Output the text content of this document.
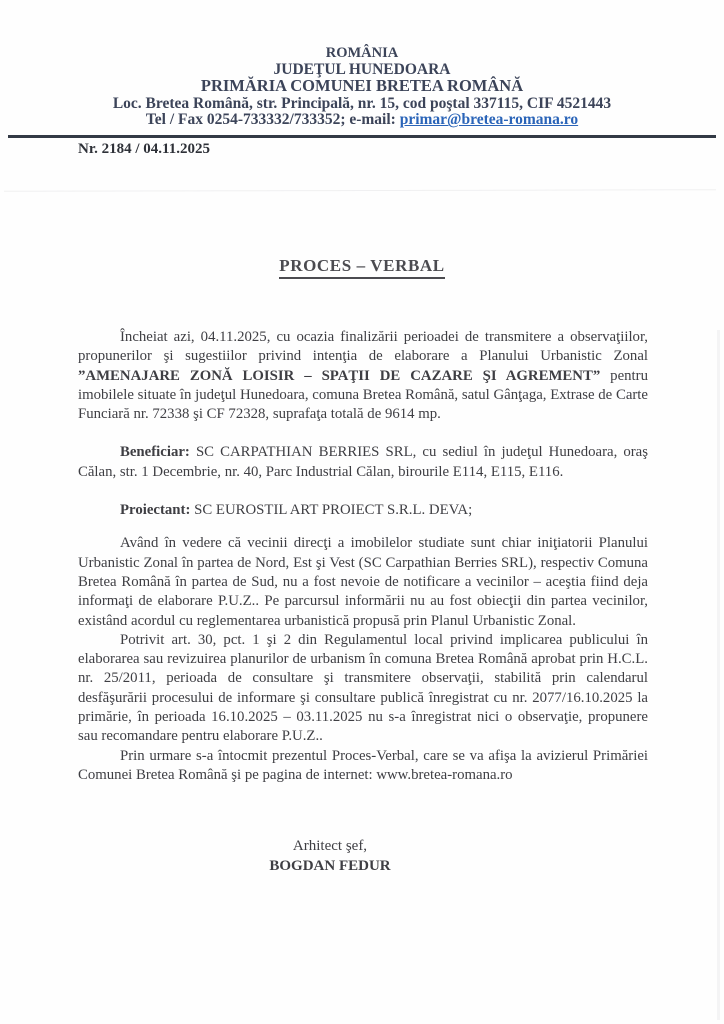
ROMÂNIA
JUDEŢUL HUNEDOARA
PRIMĂRIA COMUNEI BRETEA ROMÂNĂ
Loc. Bretea Română, str. Principală, nr. 15, cod poştal 337115, CIF 4521443
Tel / Fax 0254-733332/733352; e-mail: primar@bretea-romana.ro
Nr. 2184 / 04.11.2025
PROCES – VERBAL

Încheiat azi, 04.11.2025, cu ocazia finalizării perioadei de transmitere a observaţiilor, propunerilor şi sugestiilor privind intenţia de elaborare a Planului Urbanistic Zonal ”AMENAJARE ZONĂ LOISIR – SPAŢII DE CAZARE ŞI AGREMENT” pentru imobilele situate în judeţul Hunedoara, comuna Bretea Română, satul Gânţaga, Extrase de Carte Funciară nr. 72338 şi CF 72328, suprafaţa totală de 9614 mp.

Beneficiar: SC CARPATHIAN BERRIES SRL, cu sediul în judeţul Hunedoara, oraş Călan, str. 1 Decembrie, nr. 40, Parc Industrial Călan, birourile E114, E115, E116.

Proiectant: SC EUROSTIL ART PROIECT S.R.L. DEVA;

Având în vedere că vecinii direcţi a imobilelor studiate sunt chiar iniţiatorii Planului Urbanistic Zonal în partea de Nord, Est şi Vest (SC Carpathian Berries SRL), respectiv Comuna Bretea Română în partea de Sud, nu a fost nevoie de notificare a vecinilor – aceştia fiind deja informaţi de elaborare P.U.Z.. Pe parcursul informării nu au fost obiecţii din partea vecinilor, existând acordul cu reglementarea urbanistică propusă prin Planul Urbanistic Zonal.

Potrivit art. 30, pct. 1 şi 2 din Regulamentul local privind implicarea publicului în elaborarea sau revizuirea planurilor de urbanism în comuna Bretea Română aprobat prin H.C.L. nr. 25/2011, perioada de consultare şi transmitere observaţii, stabilită prin calendarul desfăşurării procesului de informare şi consultare publică înregistrat cu nr. 2077/16.10.2025 la primărie, în perioada 16.10.2025 – 03.11.2025 nu s-a înregistrat nici o observaţie, propunere sau recomandare pentru elaborare P.U.Z..

Prin urmare s-a întocmit prezentul Proces-Verbal, care se va afişa la avizierul Primăriei Comunei Bretea Română şi pe pagina de internet: www.bretea-romana.ro

Arhitect şef,
BOGDAN FEDUR
